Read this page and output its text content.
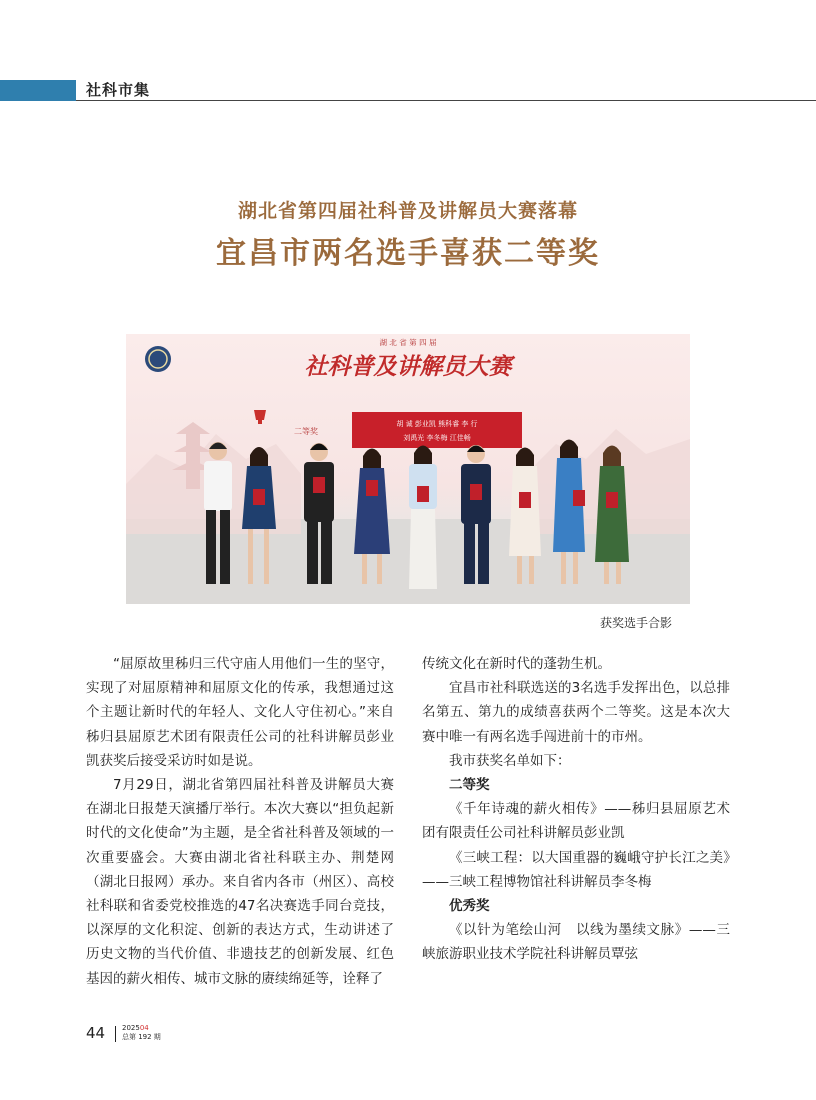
社科市集
湖北省第四届社科普及讲解员大赛落幕
宜昌市两名选手喜获二等奖
湖 北 省 第 四 届
社科普及讲解员大赛
二等奖
胡 诚 彭业凯 熊科睿 李 行
刘禹光 李冬梅 江佳畅
获奖选手合影

“屈原故里秭归三代守庙人用他们一生的坚守，实现了对屈原精神和屈原文化的传承，我想通过这个主题让新时代的年轻人、文化人守住初心。”来自秭归县屈原艺术团有限责任公司的社科讲解员彭业凯获奖后接受采访时如是说。

7月29日，湖北省第四届社科普及讲解员大赛在湖北日报楚天演播厅举行。本次大赛以“担负起新时代的文化使命”为主题，是全省社科普及领域的一次重要盛会。大赛由湖北省社科联主办、荆楚网（湖北日报网）承办。来自省内各市（州区）、高校社科联和省委党校推选的47名决赛选手同台竞技，以深厚的文化积淀、创新的表达方式，生动讲述了历史文物的当代价值、非遗技艺的创新发展、红色基因的薪火相传、城市文脉的赓续绵延等，诠释了

传统文化在新时代的蓬勃生机。

宜昌市社科联选送的3名选手发挥出色，以总排名第五、第九的成绩喜获两个二等奖。这是本次大赛中唯一有两名选手闯进前十的市州。

我市获奖名单如下：

二等奖

《千年诗魂的薪火相传》——秭归县屈原艺术团有限责任公司社科讲解员彭业凯

《三峡工程：以大国重器的巍峨守护长江之美》——三峡工程博物馆社科讲解员李冬梅

优秀奖

《以针为笔绘山河　以线为墨续文脉》——三峡旅游职业技术学院社科讲解员覃弦

44 202504
总第 192 期
